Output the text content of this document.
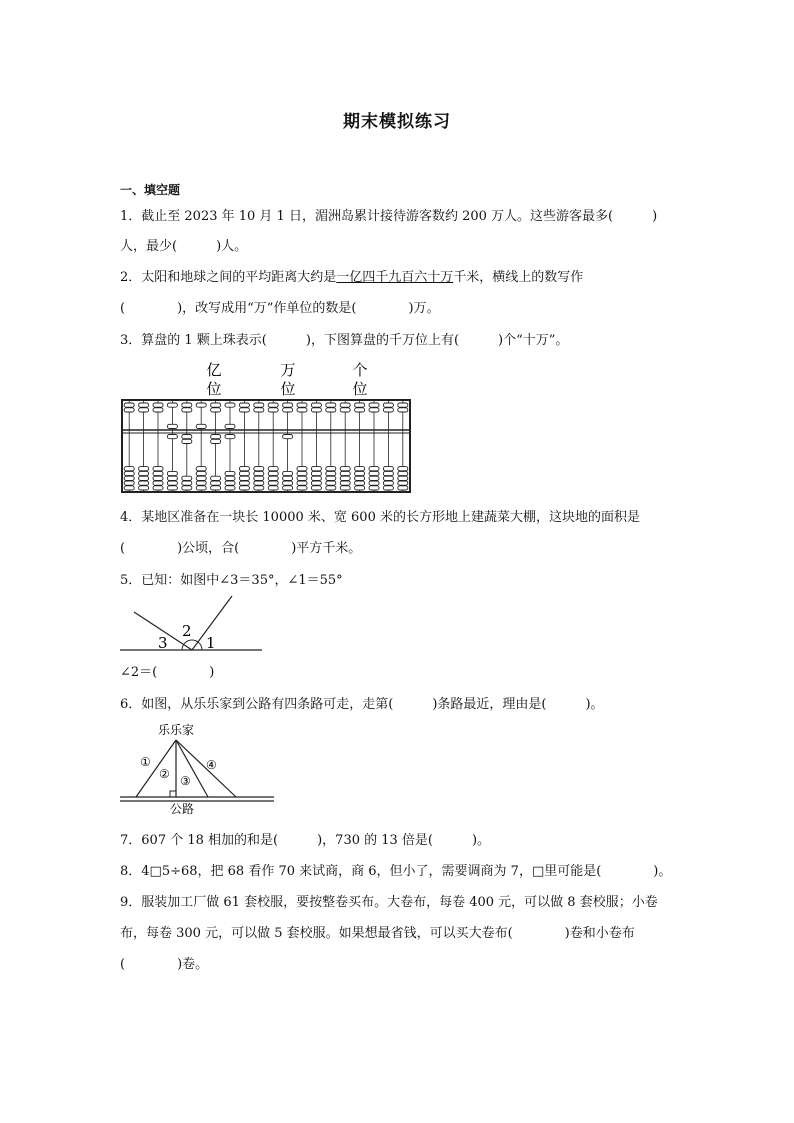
期末模拟练习
一、填空题
1．截止至 2023 年 10 月 1 日，湄洲岛累计接待游客数约 200 万人。这些游客最多(　　　)
人，最少(　　　)人。
2．太阳和地球之间的平均距离大约是一亿四千九百六十万千米，横线上的数写作
(　　　　)，改写成用“万”作单位的数是(　　　　)万。
3．算盘的 1 颗上珠表示(　　　)，下图算盘的千万位上有(　　　)个“十万”。
亿
位
万
位
个
位
4．某地区准备在一块长 10000 米、宽 600 米的长方形地上建蔬菜大棚，这块地的面积是
(　　　　)公顷，合(　　　　)平方千米。
5．已知：如图中∠3＝35°，∠1＝55°
3
2
1
∠2＝(　　　　)
6．如图，从乐乐家到公路有四条路可走，走第(　　　)条路最近，理由是(　　　)。
乐乐家
①
② ③
④
公路
7．607 个 18 相加的和是(　　　)，730 的 13 倍是(　　　)。
8．4□5÷68，把 68 看作 70 来试商，商 6，但小了，需要调商为 7，□里可能是(　　　　)。
9．服装加工厂做 61 套校服，要按整卷买布。大卷布，每卷 400 元，可以做 8 套校服；小卷
布，每卷 300 元，可以做 5 套校服。如果想最省钱，可以买大卷布(　　　　)卷和小卷布
(　　　　)卷。
